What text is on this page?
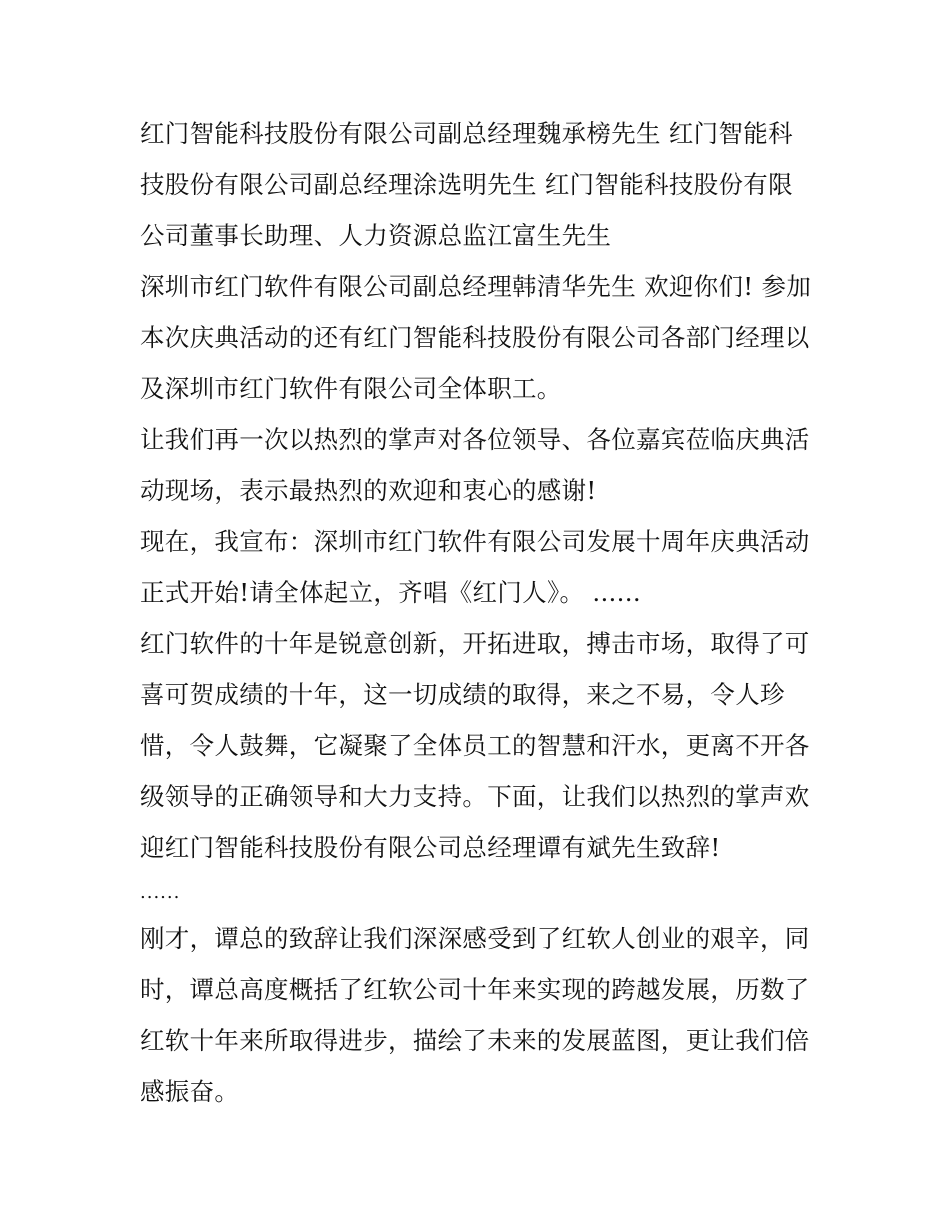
红门智能科技股份有限公司副总经理魏承榜先生 红门智能科技股份有限公司副总经理涂选明先生 红门智能科技股份有限公司董事长助理、人力资源总监江富生先生

深圳市红门软件有限公司副总经理韩清华先生 欢迎你们! 参加本次庆典活动的还有红门智能科技股份有限公司各部门经理以及深圳市红门软件有限公司全体职工。

让我们再一次以热烈的掌声对各位领导、各位嘉宾莅临庆典活动现场，表示最热烈的欢迎和衷心的感谢!

现在，我宣布：深圳市红门软件有限公司发展十周年庆典活动正式开始!请全体起立，齐唱《红门人》。 ......

红门软件的十年是锐意创新，开拓进取，搏击市场，取得了可喜可贺成绩的十年，这一切成绩的取得，来之不易，令人珍惜，令人鼓舞，它凝聚了全体员工的智慧和汗水，更离不开各级领导的正确领导和大力支持。下面，让我们以热烈的掌声欢迎红门智能科技股份有限公司总经理谭有斌先生致辞!

......

刚才，谭总的致辞让我们深深感受到了红软人创业的艰辛，同时，谭总高度概括了红软公司十年来实现的跨越发展，历数了红软十年来所取得进步，描绘了未来的发展蓝图，更让我们倍感振奋。
